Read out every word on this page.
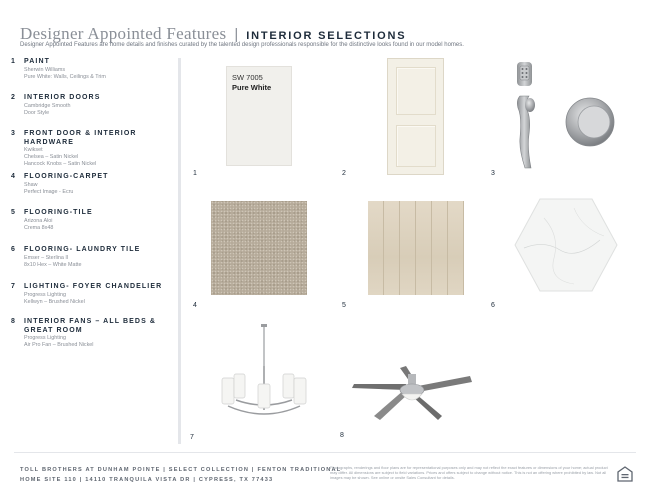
Designer Appointed Features | INTERIOR SELECTIONS
Designer Appointed Features are home details and finishes curated by the talented design professionals responsible for the distinctive looks found in our model homes.
1 PAINT
Sherwin Williams
Pure White: Walls, Ceilings & Trim
2 INTERIOR DOORS
Cambridge Smooth
Door Style
3 FRONT DOOR & INTERIOR HARDWARE
Kwikset
Chelsea – Satin Nickel
Hancock Knobs – Satin Nickel
4 FLOORING-CARPET
Shaw
Perfect Image - Ecru
5 FLOORING-TILE
Arizona Aloi
Crema 8x48
6 FLOORING- LAUNDRY TILE
Emser – Sterlina II
8x10 Hex – White Matte
7 LIGHTING- FOYER CHANDELIER
Progress Lighting
Kellwyn – Brushed Nickel
8 INTERIOR FANS – ALL BEDS & GREAT ROOM
Progress Lighting
Air Pro Fan – Brushed Nickel
SW 7005
Pure White
1	2	3
4	5	6
7	8
TOLL BROTHERS AT DUNHAM POINTE | SELECT COLLECTION | FENTON TRADITIONAL
HOME SITE 110 | 14110 TRANQUILA VISTA DR | CYPRESS, TX 77433
Photographs, renderings and floor plans are for representational purposes only and may not reflect the exact features or dimensions of your home; actual product may differ. All dimensions are subject to field variations. Prices and offers subject to change without notice. This is not an offering where prohibited by law. Not all images may be shown. See online or onsite Sales Consultant for details.
